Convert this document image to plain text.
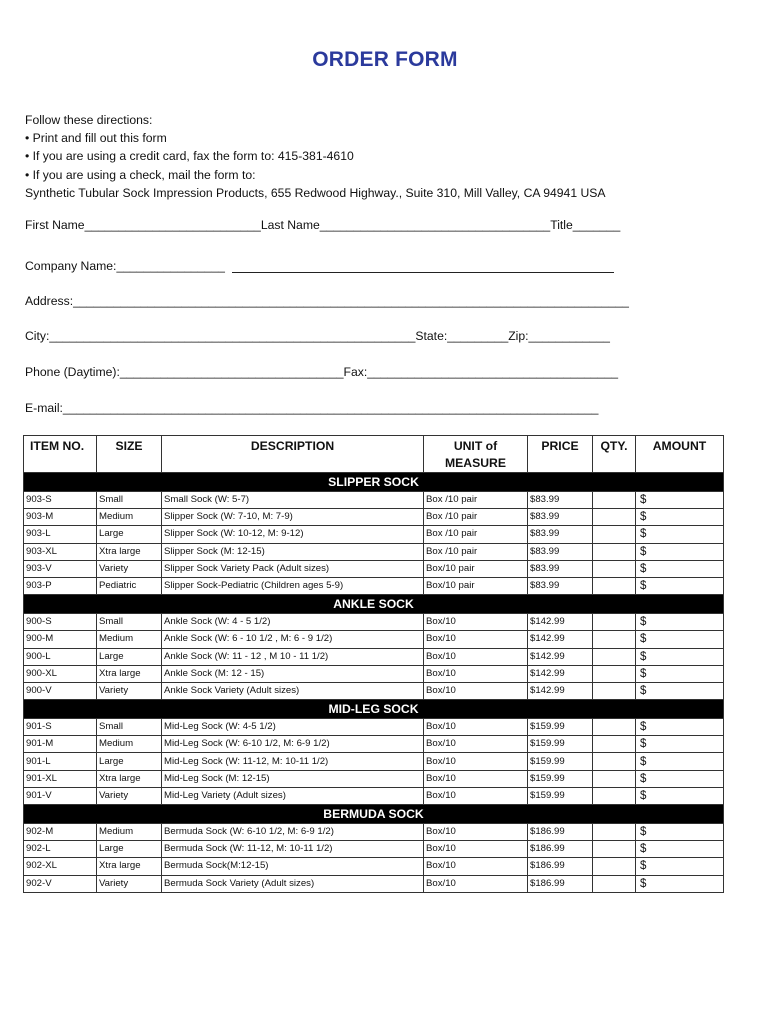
ORDER FORM
Follow these directions:
• Print and fill out this form
• If you are using a credit card, fax the form to: 415-381-4610
• If you are using a check, mail the form to:
Synthetic Tubular Sock Impression Products, 655 Redwood Highway., Suite 310, Mill Valley, CA 94941 USA
First Name__________________________Last Name__________________________________Title_______
Company Name:________________
Address:__________________________________________________________________________________
City:______________________________________________________State:_________Zip:____________
Phone (Daytime):_________________________________Fax:_____________________________________
E-mail:_______________________________________________________________________________
ITEM NO.	SIZE	DESCRIPTION	UNIT of
MEASURE	PRICE	QTY.	AMOUNT
SLIPPER SOCK						
903-S	Small	Small Sock (W: 5-7)	Box /10 pair	$83.99		$
903-M	Medium	Slipper Sock (W: 7-10, M: 7-9)	Box /10 pair	$83.99		$
903-L	Large	Slipper Sock (W: 10-12, M: 9-12)	Box /10 pair	$83.99		$
903-XL	Xtra large	Slipper Sock (M: 12-15)	Box /10 pair	$83.99		$
903-V	Variety	Slipper Sock Variety Pack (Adult sizes)	Box/10 pair	$83.99		$
903-P	Pediatric	Slipper Sock-Pediatric (Children ages 5-9)	Box/10 pair	$83.99		$
ANKLE SOCK						
900-S	Small	Ankle Sock (W: 4 - 5 1/2)	Box/10	$142.99		$
900-M	Medium	Ankle Sock (W: 6 - 10 1/2 , M: 6 - 9 1/2)	Box/10	$142.99		$
900-L	Large	Ankle Sock (W: 11 - 12 , M 10 - 11 1/2)	Box/10	$142.99		$
900-XL	Xtra large	Ankle Sock (M: 12 - 15)	Box/10	$142.99		$
900-V	Variety	Ankle Sock Variety (Adult sizes)	Box/10	$142.99		$
MID-LEG SOCK						
901-S	Small	Mid-Leg Sock (W: 4-5 1/2)	Box/10	$159.99		$
901-M	Medium	Mid-Leg Sock (W: 6-10 1/2, M: 6-9 1/2)	Box/10	$159.99		$
901-L	Large	Mid-Leg Sock (W: 11-12, M: 10-11 1/2)	Box/10	$159.99		$
901-XL	Xtra large	Mid-Leg Sock (M: 12-15)	Box/10	$159.99		$
901-V	Variety	Mid-Leg Variety (Adult sizes)	Box/10	$159.99		$
BERMUDA SOCK						
902-M	Medium	Bermuda Sock (W: 6-10 1/2, M: 6-9 1/2)	Box/10	$186.99		$
902-L	Large	Bermuda Sock (W: 11-12, M: 10-11 1/2)	Box/10	$186.99		$
902-XL	Xtra large	Bermuda Sock(M:12-15)	Box/10	$186.99		$
902-V	Variety	Bermuda Sock Variety (Adult sizes)	Box/10	$186.99		$
